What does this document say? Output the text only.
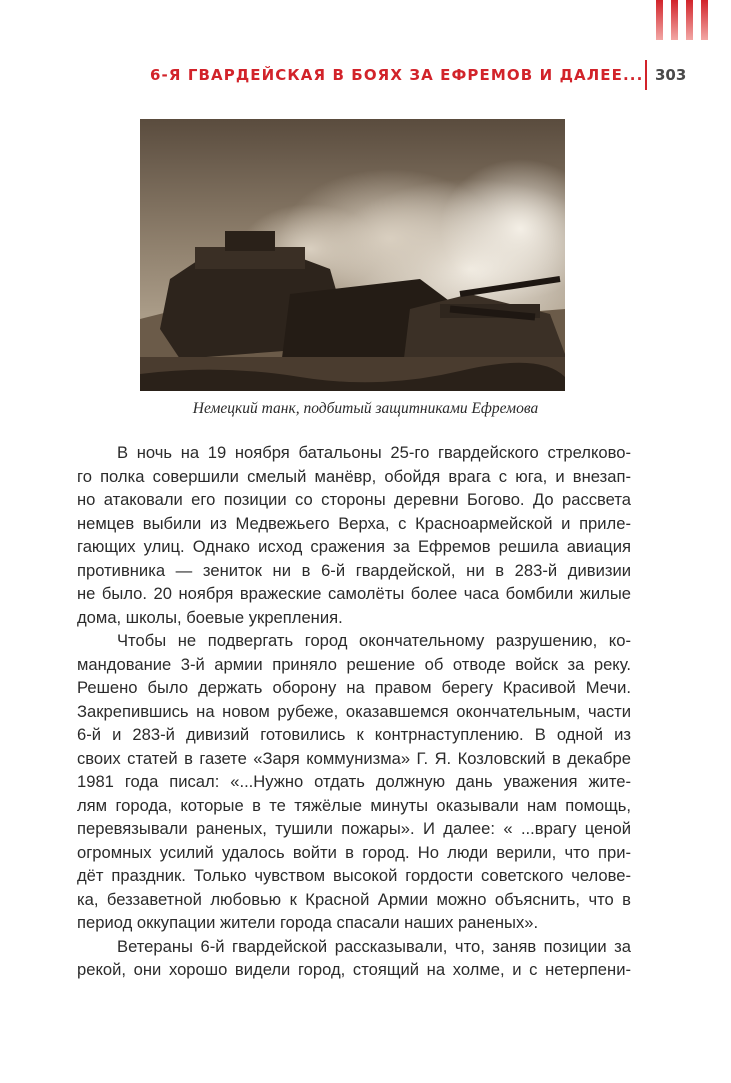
6-Я ГВАРДЕЙСКАЯ В БОЯХ ЗА ЕФРЕМОВ И ДАЛЕЕ... 303
Немецкий танк, подбитый защитниками Ефремова
В ночь на 19 ноября батальоны 25-го гвардейского стрелково-
го полка совершили смелый манёвр, обойдя врага с юга, и внезап-
но атаковали его позиции со стороны деревни Богово. До рассвета
немцев выбили из Медвежьего Верха, с Красноармейской и приле-
гающих улиц. Однако исход сражения за Ефремов решила авиация
противника — зениток ни в 6-й гвардейской, ни в 283-й дивизии
не было. 20 ноября вражеские самолёты более часа бомбили жилые
дома, школы, боевые укрепления.
Чтобы не подвергать город окончательному разрушению, ко-
мандование 3-й армии приняло решение об отводе войск за реку.
Решено было держать оборону на правом берегу Красивой Мечи.
Закрепившись на новом рубеже, оказавшемся окончательным, части
6-й и 283-й дивизий готовились к контрнаступлению. В одной из
своих статей в газете «Заря коммунизма» Г. Я. Козловский в декабре
1981 года писал: «...Нужно отдать должную дань уважения жите-
лям города, которые в те тяжёлые минуты оказывали нам помощь,
перевязывали раненых, тушили пожары». И далее: « ...врагу ценой
огромных усилий удалось войти в город. Но люди верили, что при-
дёт праздник. Только чувством высокой гордости советского челове-
ка, беззаветной любовью к Красной Армии можно объяснить, что в
период оккупации жители города спасали наших раненых».
Ветераны 6-й гвардейской рассказывали, что, заняв позиции за
рекой, они хорошо видели город, стоящий на холме, и с нетерпени-
